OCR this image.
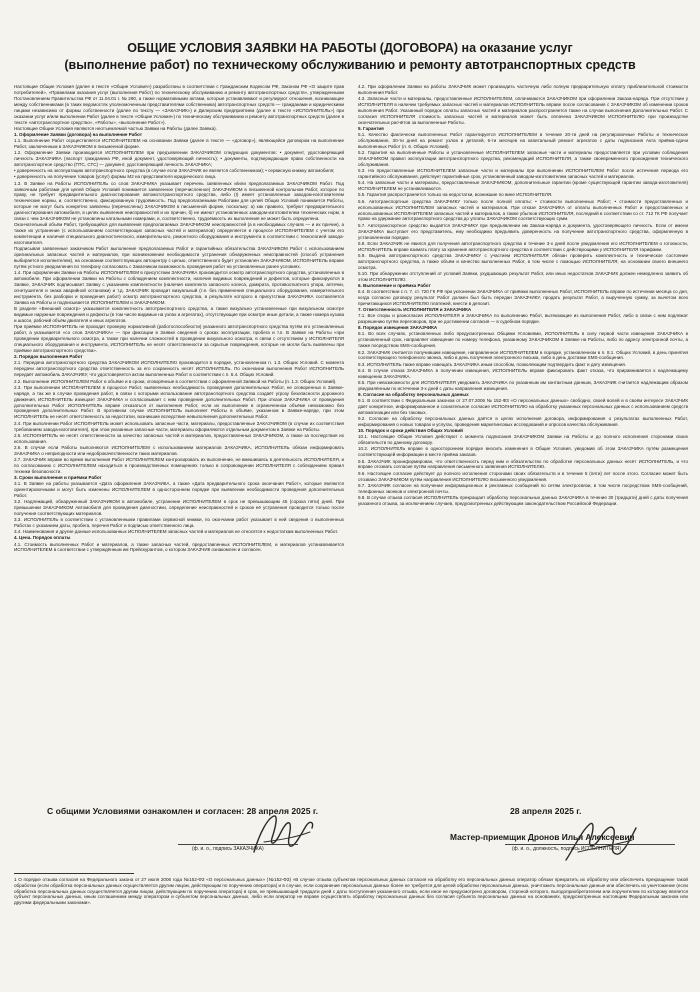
ОБЩИЕ УСЛОВИЯ ЗАЯВКИ НА РАБОТЫ (ДОГОВОРА) на оказание услуг
(выполнение работ) по техническому обслуживанию и ремонту автотранспортных средств

Настоящие Общие Условия (далее в тексте «Общие Условия») разработаны в соответствии с Гражданским Кодексом РФ, Законом РФ «О защите прав потребителей», «Правилами оказания услуг (выполнения Работ) по техническому обслуживанию и ремонту автотранспортных средств», утвержденными Постановлением Правительства РФ от 11.04.01 г. № 290, а также нормативными актами, которые устанавливают и регулируют отношения, возникающие между собственниками (в таких ведомостях уполномоченным представителями собственника) автотранспортных средств — гражданами и юридическими лицами независимо от формы собственности (далее по тексту — «ЗАКАЗЧИК») и Дилерским предприятием (далее в тексте «ИСПОЛНИТЕЛЬ») при оказании услуг и/или выполнении Работ (далее в тексте «Общие Условия») по техническому обслуживанию и ремонту автотранспортных средств (далее в тексте «автотранспортное средство», «Работы», «выполнение Работ»).

Настоящие Общие Условия являются неотъемлемой частью Заявки на Работы (далее Заявка).

1. Оформление Заявки (договора) на выполнение Работ

1.1. Выполнение Работ осуществляется ИСПОЛНИТЕЛЕМ на основании Заявки (далее в тексте — «договор»), являющейся договором на выполнение Работ, заключенным в ЗАКАЗЧИКОМ в письменной форме.

1.2. Оформление Заявки производится ИСПОЛНИТЕЛЕМ при предъявлении ЗАКАЗЧИКОМ следующих документов: • документ, удостоверяющий личность ЗАКАЗЧИКА (паспорт гражданина РФ, иной документ, удостоверяющий личность); • документы, подтверждающие право собственности на автотранспортное средство (ПТС, СТС) — документ, удостоверяющий личность ЗАКАЗЧИКА;

• доверенность на эксплуатацию автотранспортного средства (в случае если ЗАКАЗЧИК не является собственником); • сервисную книжку автомобиля;

• доверенность на получение товаров (услуг) формы М2 на представителя юридического лица.

1.3. В Заявке на Работы ИСПОЛНИТЕЛЬ со слов ЗАКАЗЧИКА указывает перечень заявленных и/или предполагаемых ЗАКАЗЧИКОМ Работ. Под заявочным работами для целей Общих Условий понимается заявленное (перечисленное) ЗАКАЗЧИКОМ в письменной контрольном Работ, которое по праву, не требует предварительного диагностирования автомототранспортного средства, либо (I) имеет установленные заводом-изготовителем технические нормы, и, соответственно, фиксированную трудоёмкость. Под предполагаемыми Работами для целей Общих Условий понимается Работы, которые не могут быть конкретно заявлены (перечислены) ЗАКАЗЧИКОМ в письменной форме, поскольку: а) как правило, требуют предварительного диагностирования автомобиля, в целях выявления неисправностей и их причин, б) не имеют установленных заводом-изготовителем технических норм, в связи с чем ЗАКАЗЧИКОМ не установлены катальными номерами, и, соответственно, трудоёмкость их выполнения не может быть определена.

Окончательный объём Работ, требующийся для выявления предполагаемых ЗАКАЗЧИКОМ неисправностей (а в необходимых случаях — и их причин), а также их устранение (с использованием соответствующих запасных частей и материалов) определяется в процессе ИСПОЛНИТЕЛЕМ с учетом его компетенции и наличия специального диагностического, измерительного, ремонтного оборудования и инструмента в соответствии с технологией завода-изготовителя.

Подписывая заявленные заказчиком Работ выполнение предполагаемых Работ и гарантийных обязательства ЗАКАЗЧИКОМ Работ с использованием оригинальных запасных частей и материалов, при возникновении необходимости устранения обнаруженных неисправностей (способ устранения выбирается исполнителем), на основании соответствующих автоцентру с целью, ответственного будет установлен ЗАКАЗЧИКОМ, ИСПОЛНИТЕЛЬ вправе путём устного уведомления по телефону согласовать с Заказчиком возможность проведения работ на установленных ранее условиях.

1.4. При оформлении Заявки на Работы ИСПОЛНИТЕЛЕМ в присутствии ЗАКАЗЧИКА производится осмотр автотранспортного средства, установленных в автомобиле. При оформлении Заявки на Работы с соблюдением комплектности, наличия видимых повреждений и дефектов, которые фиксируются в Заявке, ЗАКАЗЧИК подписывает Заявку с указанием комплектности (наличия комплекта запасного колеса, домкрата, противооткатного упора, аптечки, огнетушителя и знака аварийной остановки) и т.д. ЗАКАЗЧИК проводит визуальный (т.е. без применения специального оборудования, измерительного инструмента, без разборки и проведения работ) осмотр автотранспортного средства, в результате которого в присутствии ЗАКАЗЧИКА составляется Заявка на Работы и подписывается ИСПОЛНИТЕЛЕМ и ЗАКАЗЧИКОМ.

В разделе «Внешний осмотр» указывается комплектность автотранспортного средства, а также визуально установленные при визуальном осмотре видимые наружные повреждения и дефекты (в том числе видимые на узлах и агрегатах), отсутствующие при осмотре иные детали, а также номера кузова и шасси, рабочий объём двигателя и иных агрегатов.

При приёмке ИСПОЛНИТЕЛЬ не проводит проверку нормативной (работоспособности) указанного автотранспортного средства путём его установленных работ, а указывается «со слов ЗАКАЗЧИКА» — при фиксации в Заявке сведения о сроках эксплуатации, пробега и т.п. В Заявке на Работы «при проведении предварительного осмотра, а также при наличии сложностей в проведении визуального осмотра, в связи с отсутствием у ИСПОЛНИТЕЛЯ специального оборудования и инструмента, ИСПОЛНИТЕЛЬ не несёт ответственности за скрытые повреждения, которые не могли быть выявлены при приёмке автотранспортного средства».

2. Порядок выполнения Работ

2.1. Передача автотранспортного средства ЗАКАЗЧИКОМ ИСПОЛНИТЕЛЮ производится в порядке, установленном п. 1.3. Общих Условий. С момента передачи автотранспортного средства ответственность за его сохранность несёт ИСПОЛНИТЕЛЬ. По окончании выполнения Работ ИСПОЛНИТЕЛЬ передаёт автомобиль ЗАКАЗЧИКУ, что удостоверяется актом выполненных Работ в соответствии с п. 6.4. Общих Условий.

2.2. Выполнение ИСПОЛНИТЕЛЕМ Работ в объёме и в сроки, оговорённые в соответствии с оформленной Заявкой на Работы (п. 1.3. Общих Условий).

2.3. При выполнении ИСПОЛНИТЕЛЕМ в процессе Работ, выявленных необходимость проведения дополнительных Работ, не оговоренных в Заявке-наряде, а так же в случае проведения работ, в связи с которыми использование автотранспортного средства создаёт угрозу безопасности дорожного движения, ИСПОЛНИТЕЛЬ извещает ЗАКАЗЧИКА и согласовывает с ним проведение дополнительных Работ. При отказе ЗАКАЗЧИКА от проведения дополнительных Работ ИСПОЛНИТЕЛЬ вправе отказаться от выполнения Работ, если их выполнение в ограниченном объёме невозможно без проведения дополнительных Работ. В противном случае ИСПОЛНИТЕЛЬ выполняет Работы в объёме, указанном в Заявке-наряде, при этом ИСПОЛНИТЕЛЬ не несёт ответственность за недостатки, возникшие вследствие невыполнения дополнительных Работ.

2.4. При выполнении Работ ИСПОЛНИТЕЛЬ может использовать запасные части, материалы, предоставленные ЗАКАЗЧИКОМ (в случае их соответствия требованиям завода-изготовителя), при этом указанные запасные части, материалы оформляются отдельным документом в Заявке на Работы.

2.5. ИСПОЛНИТЕЛЬ не несёт ответственности за качество запасных частей и материалов, предоставленных ЗАКАЗЧИКОМ, а также за последствия их использования.

2.6. В случае если Работы выполняются ИСПОЛНИТЕЛЕМ с использованием материалов ЗАКАЗЧИКА, ИСПОЛНИТЕЛЬ обязан информировать ЗАКАЗЧИКА о непригодности или недоброкачественности таких материалов.

2.7. ЗАКАЗЧИК вправе во время выполнения Работ ИСПОЛНИТЕЛЕМ контролировать их выполнение, не вмешиваясь в деятельность ИСПОЛНИТЕЛЯ, и по согласованию с ИСПОЛНИТЕЛЕМ находиться в производственных помещениях только в сопровождении ИСПОЛНИТЕЛЯ с соблюдением правил техники безопасности.

3. Сроки выполнения и приёмки Работ

3.1. В Заявке на работы указывается «Дата оформления ЗАКАЗЧИКА, а также «Дата предварительного срока окончания Работ», которые являются ориентировочными и могут быть изменены ИСПОЛНИТЕЛЕМ в одностороннем порядке при выявлении необходимости проведения дополнительных Работ.

3.2. Надлежащий, обнаруженный ЗАКАЗЧИКОМ в автомобиле, устранение ИСПОЛНИТЕЛЕМ в срок не превышающим 45 (сорока пяти) дней. При превышении ЗАКАЗЧИКОМ Автомобиля для проведения диагностики, определение неисправностей и сроков её устранения проводится только после получения соответствующих материалов.

3.3. ИСПОЛНИТЕЛЬ в соответствии с установленными правилами сервисной книжки, по окончании работ указывает в ней сведения о выполненных Работах с указанием даты, пробега, перечня Работ и подписью ответственного лица.

3.4. Наименования и другие данные использованных ИСПОЛНИТЕЛЕМ запасных частей и материалов не относятся к недостаткам выполненных Работ.

4. Цена. Порядок оплаты

4.1. Стоимость выполненных Работ и материалов, а также запасных частей, предоставленных ИСПОЛНИТЕЛЕМ, и материалов устанавливается ИСПОЛНИТЕЛЕМ в соответствии с утверждённым им Прейскурантом, о котором ЗАКАЗЧИК ознакомлен и согласен.

4.2. При оформлении Заявки на работы ЗАКАЗЧИК может производить частичную либо полную предварительную оплату приблизительной стоимости выполнения Работ.

4.3. Запасные части и материалы, предоставленные ИСПОЛНИТЕЛЕМ, оплачиваются ЗАКАЗЧИКОМ при оформлении Заказа-наряда. При отсутствии у ИСПОЛНИТЕЛЯ в наличии требуемых запасных частей и материалов ИСПОЛНИТЕЛЬ вправе после согласования с ЗАКАЗЧИКОМ об изменении сроков выполнения Работ. Указанный порядок оплаты запасных частей и материалов распространяется также на случаи выполнения Дополнительных Работ. С согласия ИСПОЛНИТЕЛЯ стоимость запасных частей и материалов может быть оплачена ЗАКАЗЧИКОМ ИСПОЛНИТЕЛЮ при производстве окончательных расчётов за выполненные Работы.

5. Гарантия

5.1. Качество фактически выполненных Работ гарантируется ИСПОЛНИТЕЛЕМ в течение 20-ти дней на регулировочные Работы и техническое обслуживание, 30-ти дней на ремонт узлов и деталей, 6-ти месяцев на капитальный ремонт агрегатов с даты подписания Акта приёма-сдачи выполненных Работ (п. 6. Общих Условий).

5.2. Гарантия на выполненные Работы и установленные ИСПОЛНИТЕЛЕМ запасные части и материалы предоставляется при условии соблюдения ЗАКАЗЧИКОМ правил эксплуатации автотранспортного средства, рекомендаций ИСПОЛНИТЕЛЯ, а также своевременного прохождения технического обслуживания.

5.3. На предоставленные ИСПОЛНИТЕЛЕМ запасные части и материалы при выполнении ИСПОЛНИТЕЛЕМ Работ после истечения периода его гарантийного обслуживания, действует гарантийные срок, установленный заводом-изготовителем запасных частей и материалов.

5.4. На запасные части и материалы, предоставленные ЗАКАЗЧИКОМ, дополнительные гарантии (кроме существующей гарантии завода-изготовителя) ИСПОЛНИТЕЛЕМ не устанавливаются.

5.5. Гарантия распространяется только на недостатки, возникшие по вине ИСПОЛНИТЕЛЯ.

5.6. Автотранспортные средства ЗАКАЗЧИКУ только после полной оплаты: • стоимости выполненных Работ; • стоимости предоставленных и использованных ИСПОЛНИТЕЛЕМ запасных частей и материалов. При отказе ЗАКАЗЧИКА от оплаты выполненных Работ и предоставленных и использованных ИСПОЛНИТЕЛЕМ запасных частей и материалов, а также убытков ИСПОЛНИТЕЛЯ, последний в соответствии со ст. 712 ГК РФ получает право на удержание автотранспортного средства до уплаты ЗАКАЗЧИКОМ соответствующих сумм.

5.7. Автотранспортное средство выдаётся ЗАКАЗЧИКУ при предъявлении им Заказа-наряда и документа, удостоверяющего личность. Если от имени ЗАКАЗЧИКА выступает его представитель, ему необходимо предъявить доверенность на получение автотранспортного средства, оформленную в установленном порядке.

5.8. Если ЗАКАЗЧИК не явился для получения автотранспортного средства в течение 3-х дней после уведомления его ИСПОЛНИТЕЛЕМ о готовности, ИСПОЛНИТЕЛЬ вправе взимать плату за хранение автотранспортного средства в соответствии с действующими у ИСПОЛНИТЕЛЯ тарифами.

5.9. Выдача автотранспортного средства ЗАКАЗЧИКУ с участием ИСПОЛНИТЕЛЯ обязан проверить комплектность и техническое состояние автотранспортного средства, а также объём и качество выполненных Работ, в том числе с помощью ИСПОЛНИТЕЛЯ, на основании своего внешнего осмотра.

5.10. При обнаружении отступлений от условий Заявки, ухудшающих результат Работ, или иных недостатков ЗАКАЗЧИК должен немедленно заявить об этом ИСПОЛНИТЕЛЮ.

6. Выполнение и приёмка Работ

6.4. В соответствии с п. 7. ст. 720 ГК РФ при уклонении ЗАКАЗЧИКА от приёмки выполненных Работ, ИСПОЛНИТЕЛЬ вправе по истечении месяца со дня, когда согласно договору результат Работ должен был быть передан ЗАКАЗЧИКУ, продать результат Работ, а вырученную сумму, за вычетом всех причитающихся ИСПОЛНИТЕЛЮ платежей, внести в депозит.

7. Ответственность ИСПОЛНИТЕЛЯ и ЗАКАЗЧИКА

7.1. Все споры и разногласия ИСПОЛНИТЕЛЯ и ЗАКАЗЧИКА по выполнению Работ, вытекающие из выполнения Работ, либо в связи с ним подлежат разрешению путём переговоров, при не достижении согласия — в судебном порядке.

8. Порядок извещения ЗАКАЗЧИКА

8.1. Во всех случаях, установленных либо предусмотренных Общими Условиями, ИСПОЛНИТЕЛЬ в силу первой части извещения ЗАКАЗЧИКА в установленный срок, направляет извещение по номеру телефона, указанному ЗАКАЗЧИКОМ в Заявке на Работы, либо по адресу электронной почты, а также посредством SMS-сообщения.

8.2. ЗАКАЗЧИК считается получившим извещение, направленное ИСПОЛНИТЕЛЕМ в порядке, установленном в п. 8.1. Общих Условий, в день принятия соответствующего телефонного звонка, либо в день получения электронного письма, либо в день доставки SMS-сообщения.

8.3. ИСПОЛНИТЕЛЬ также вправе извещать ЗАКАЗЧИКА иным способом, позволяющим подтвердить факт и дату извещения.

8.4. В случае отказа ЗАКАЗЧИКА в получении извещения, ИСПОЛНИТЕЛЬ вправе фиксировать факт отказа, что приравнивается к надлежащему извещению ЗАКАЗЧИКА.

8.5. При невозможности для ИСПОЛНИТЕЛЯ уведомить ЗАКАЗЧИКА по указанным им контактным данным, ЗАКАЗЧИК считается надлежащим образом уведомлённым по истечении 3-х дней с даты направления извещения.

9. Согласие на обработку персональных данных

9.1. В соответствии с Федеральным законом от 27.07.2006 № 152-ФЗ «О персональных данных» свободно, своей волей и в своём интересе ЗАКАЗЧИК даёт конкретное, информированное и сознательное согласие ИСПОЛНИТЕЛЮ на обработку указанных персональных данных с использованием средств автоматизации или без таковых.

9.2. Согласие на обработку персональных данных даётся в целях исполнения договора, информирования о результатах выполненных Работ, информирования о новых товарах и услугах, проведения маркетинговых исследований и опросов качества обслуживания.

10. Порядок и сроки действия Общих Условий

10.1. Настоящие Общие Условия действуют с момента подписания ЗАКАЗЧИКОМ Заявки на Работы и до полного исполнения сторонами своих обязательств по данному договору.

10.2. ИСПОЛНИТЕЛЬ вправе в одностороннем порядке вносить изменения в Общие Условия, уведомив об этом ЗАКАЗЧИКА путём размещения соответствующей информации в месте приёма заказов.

9.5. ЗАКАЗЧИК проинформирован, что ответственность перед ним и обязательство по обработке персональных данных несёт ИСПОЛНИТЕЛЬ, и что вправе отозвать согласие путём направления письменного заявления ИСПОЛНИТЕЛЮ.

9.6. Настоящее согласие действует до полного исполнения сторонами своих обязательств и в течение 5 (пяти) лет после этого. Согласие может быть отозвано ЗАКАЗЧИКОМ путём направления ИСПОЛНИТЕЛЮ письменного уведомления.

9.7. ЗАКАЗЧИК согласен на получение информационных и рекламных сообщений по сетям электросвязи, в том числе посредством SMS-сообщений, телефонных звонков и электронной почты.

9.8. В случае отзыва согласия ИСПОЛНИТЕЛЬ прекращает обработку персональных данных ЗАКАЗЧИКА в течение 30 (тридцати) дней с даты получения указанного отзыва, за исключением случаев, предусмотренных действующим законодательством Российской Федерации.

С общими Условиями ознакомлен и согласен: 28 апреля 2025 г.	28 апреля 2025 г.
(ф. и. о., подпись ЗАКАЗЧИКА)
Мастер-приемщик Дронов Илья Алексеевич
(ф. и. о., должность, подпись ИСПОЛНИТЕЛЯ)
1 О порядке отзыва согласия на Федерального закона от 27 июля 2006 года №152-ФЗ «О персональных данных» (№152-ФЗ) «В случае отзыва субъектом персональных данных согласия на обработку его персональных данных оператор обязан прекратить их обработку или обеспечить прекращение такой обработки (если обработка персональных данных осуществляется другим лицом, действующим по поручению оператора) и в случае, если сохранение персональных данных более не требуется для целей обработки персональных данных, уничтожить персональные данные или обеспечить их уничтожение (если обработка персональных данных осуществляется другим лицом, действующим по поручению оператора) в срок, не превышающий тридцати дней с даты поступления указанного отзыва, если иное не предусмотрено договором, стороной которого, выгодоприобретателем или поручителем по которому является субъект персональных данных, иным соглашением между оператором и субъектом персональных данных, либо если оператор не вправе осуществлять обработку персональных данных без согласия субъекта персональных данных на основаниях, предусмотренных настоящим Федеральным законом или другими федеральными законами».
